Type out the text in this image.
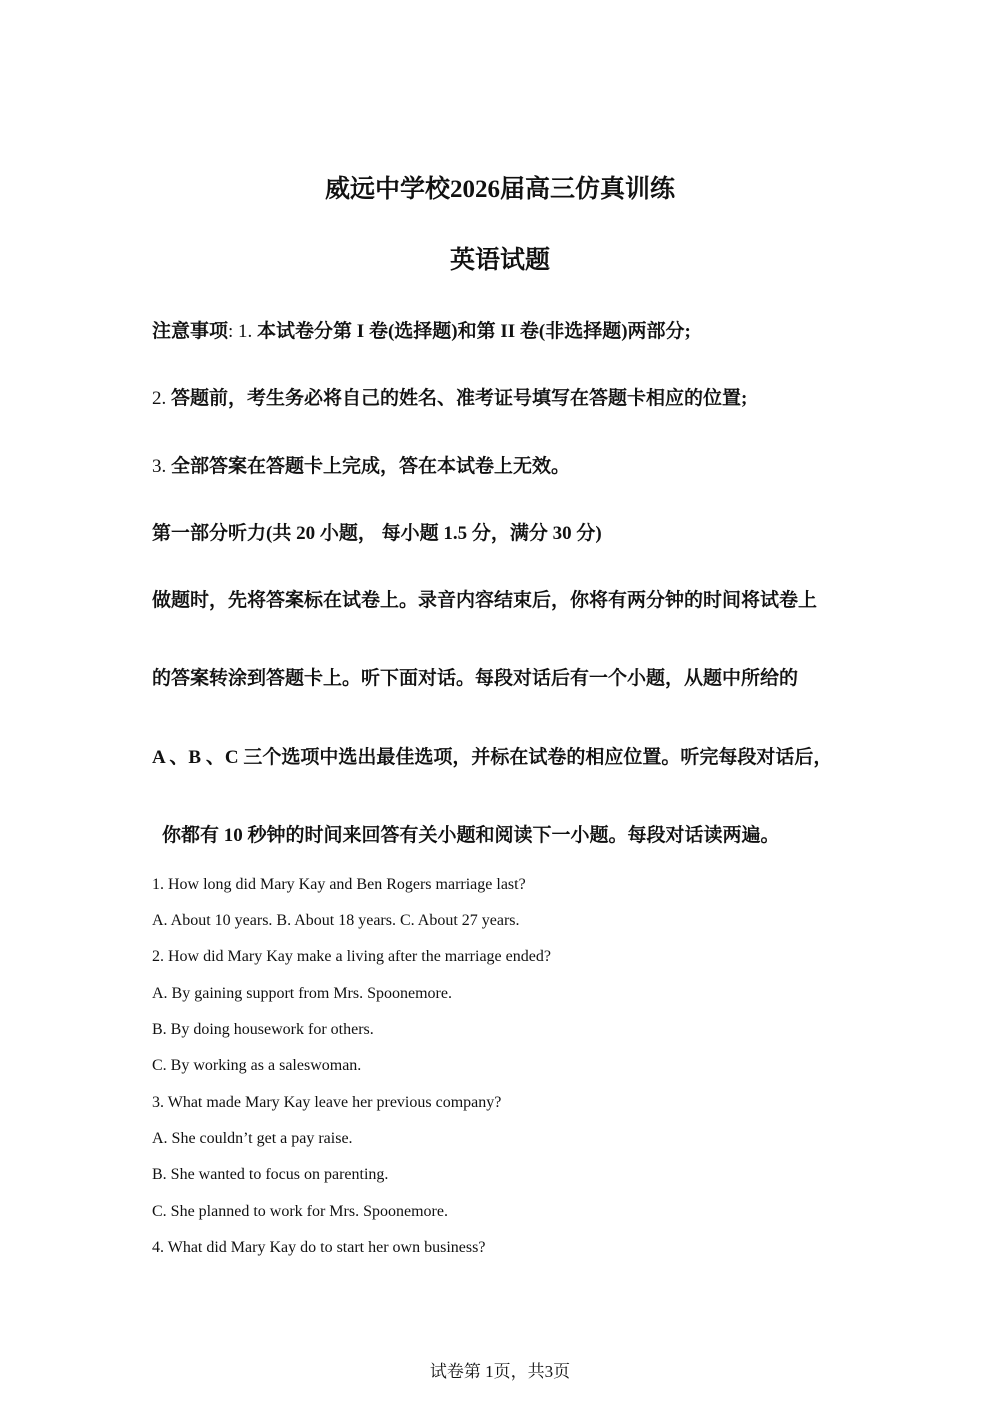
威远中学校2026届高三仿真训练
英语试题

注意事项: 1. 本试卷分第 I 卷(选择题)和第 II 卷(非选择题)两部分;

2. 答题前，考生务必将自己的姓名、准考证号填写在答题卡相应的位置;

3. 全部答案在答题卡上完成，答在本试卷上无效。

第一部分听力(共 20 小题， 每小题 1.5 分，满分 30 分)

做题时，先将答案标在试卷上。录音内容结束后，你将有两分钟的时间将试卷上

的答案转涂到答题卡上。听下面对话。每段对话后有一个小题，从题中所给的

A 、B 、C 三个选项中选出最佳选项，并标在试卷的相应位置。听完每段对话后，

你都有 10 秒钟的时间来回答有关小题和阅读下一小题。每段对话读两遍。

1. How long did Mary Kay and Ben Rogers marriage last?

A. About 10 years. B. About 18 years. C. About 27 years.

2. How did Mary Kay make a living after the marriage ended?

A. By gaining support from Mrs. Spoonemore.

B. By doing housework for others.

C. By working as a saleswoman.

3. What made Mary Kay leave her previous company?

A. She couldn’t get a pay raise.

B. She wanted to focus on parenting.

C. She planned to work for Mrs. Spoonemore.

4. What did Mary Kay do to start her own business?

试卷第 1页，共3页
